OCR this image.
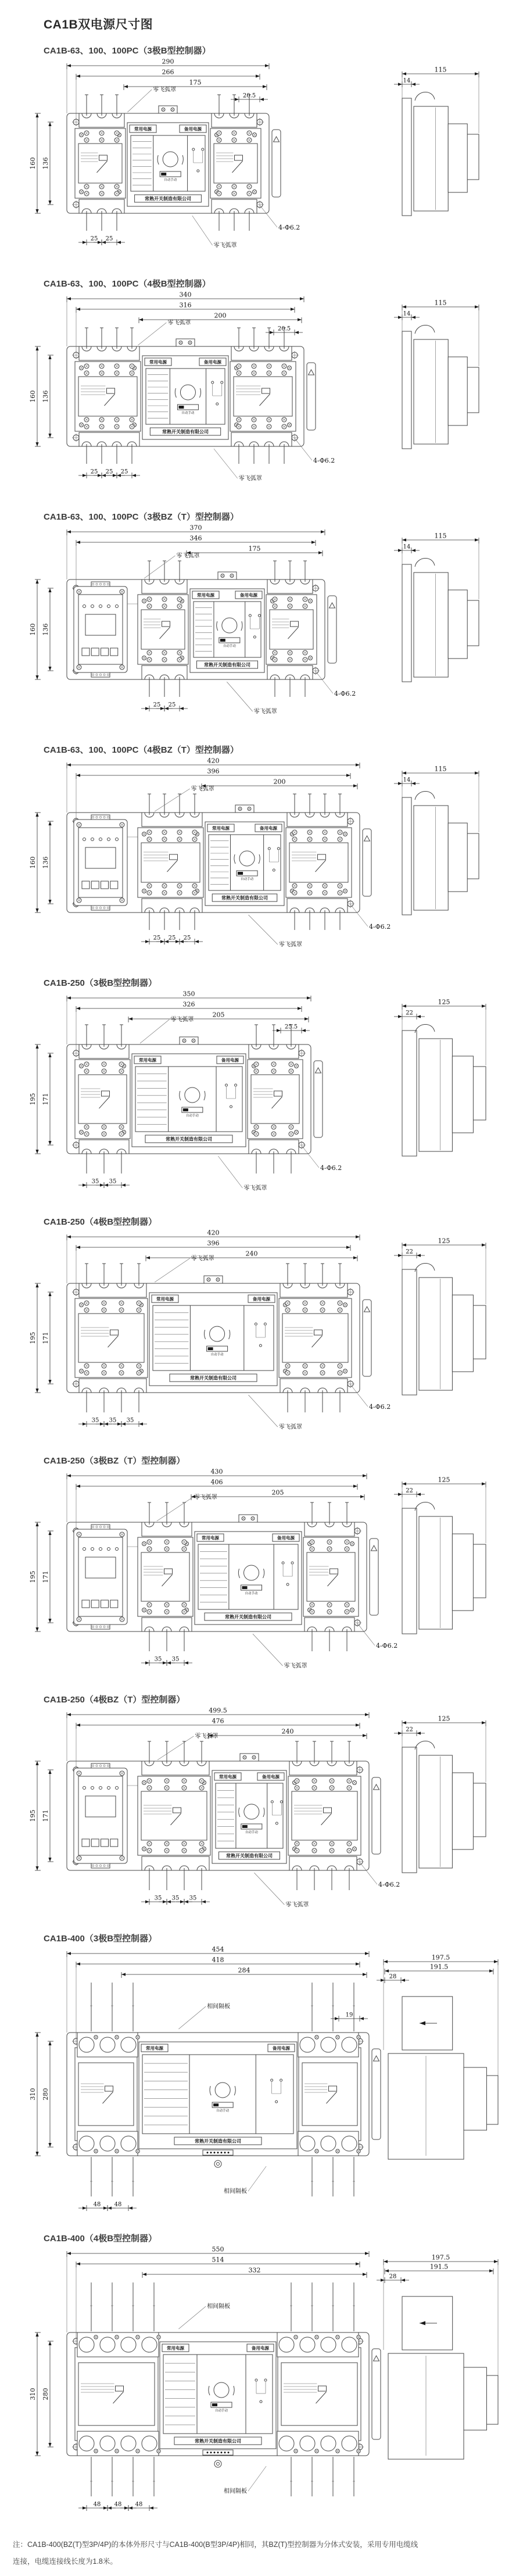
CA1B双电源尺寸图
CA1B-63、100、100PC（3极B型控制器）
常用电源	备用电源
自动手动
常熟开关制造有限公司
290
266
175
160 136
20.5
25 25
4-Φ6.2
零飞弧罩
零飞弧罩
115
14
CA1B-63、100、100PC（4极B型控制器）
常用电源	备用电源
自动手动
常熟开关制造有限公司
340
316
200
160 136
20.5
25 25 25
4-Φ6.2
零飞弧罩
零飞弧罩
115
14
CA1B-63、100、100PC（3极BZ（T）型控制器）
常用电源	备用电源
自动手动
常熟开关制造有限公司
370
346
175
160 136
25 25
4-Φ6.2
零飞弧罩
零飞弧罩
115
14
CA1B-63、100、100PC（4极BZ（T）型控制器）
常用电源	备用电源
自动手动
常熟开关制造有限公司
420
396
200
160 136
25 25 25
4-Φ6.2
零飞弧罩
零飞弧罩
115
14
CA1B-250（3极B型控制器）
常用电源	备用电源
自动手动
常熟开关制造有限公司
350
326
205
195 171
25.5
35 35
4-Φ6.2
零飞弧罩
零飞弧罩
125
22
CA1B-250（4极B型控制器）
常用电源	备用电源
自动手动
常熟开关制造有限公司
420
396
240
195 171
35 35 35
4-Φ6.2
零飞弧罩
零飞弧罩
125
22
CA1B-250（3极BZ（T）型控制器）
常用电源	备用电源
自动手动
常熟开关制造有限公司
430
406
205
195 171
35 35
4-Φ6.2
零飞弧罩
零飞弧罩
125
22
CA1B-250（4极BZ（T）型控制器）
常用电源	备用电源
自动手动
常熟开关制造有限公司
499.5
476
240
195 171
35 35 35
4-Φ6.2
零飞弧罩
零飞弧罩
125
22
CA1B-400（3极B型控制器）
常用电源	备用电源
自动手动
常熟开关制造有限公司
454
418
284
310 280
19
48 48
相间隔板
相间隔板
197.5
191.5
28
CA1B-400（4极B型控制器）
常用电源	备用电源
自动手动
常熟开关制造有限公司
550
514
332
310 280
48 48 48
相间隔板
相间隔板
197.5
191.5
28
注：CA1B-400(BZ(T)型3P/4P)的本体外形尺寸与CA1B-400(B型3P/4P)相同，其BZ(T)型控制器为分体式安装，采用专用电缆线
连接，电缆连接线长度为1.8米。
